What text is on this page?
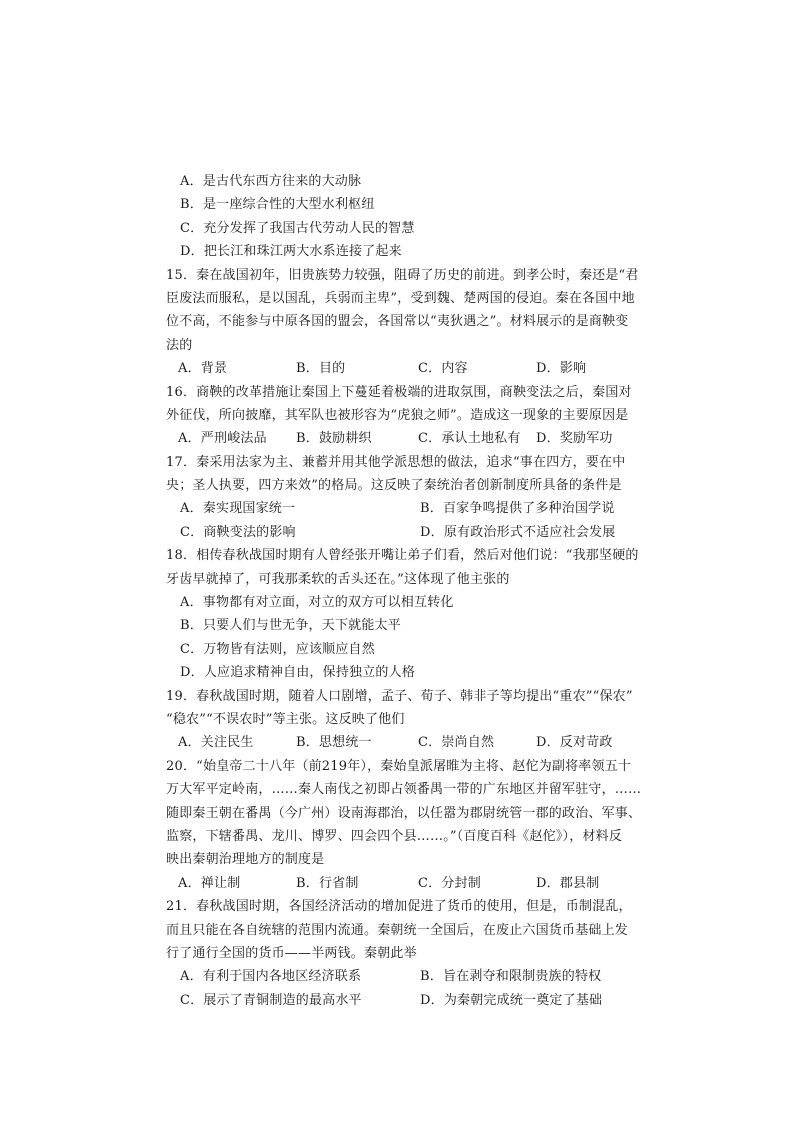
A．是古代东西方往来的大动脉
B．是一座综合性的大型水利枢纽
C．充分发挥了我国古代劳动人民的智慧
D．把长江和珠江两大水系连接了起来
15．秦在战国初年，旧贵族势力较强，阻碍了历史的前进。到孝公时，秦还是“君
臣废法而服私，是以国乱，兵弱而主卑”，受到魏、楚两国的侵迫。秦在各国中地
位不高，不能参与中原各国的盟会，各国常以“夷狄遇之”。材料展示的是商鞅变
法的
A．背景	B．目的	C．内容	D．影响
16．商鞅的改革措施让秦国上下蔓延着极端的进取氛围，商鞅变法之后，秦国对
外征伐，所向披靡，其军队也被形容为“虎狼之师”。造成这一现象的主要原因是
A．严刑峻法品	B．鼓励耕织	C．承认土地私有	D．奖励军功
17．秦采用法家为主、兼蓄并用其他学派思想的做法，追求“事在四方，要在中
央；圣人执要，四方来效”的格局。这反映了秦统治者创新制度所具备的条件是
A．秦实现国家统一	B．百家争鸣提供了多种治国学说
C．商鞅变法的影响	D．原有政治形式不适应社会发展
18．相传春秋战国时期有人曾经张开嘴让弟子们看，然后对他们说：“我那坚硬的
牙齿早就掉了，可我那柔软的舌头还在。”这体现了他主张的
A．事物都有对立面，对立的双方可以相互转化
B．只要人们与世无争，天下就能太平
C．万物皆有法则，应该顺应自然
D．人应追求精神自由，保持独立的人格
19．春秋战国时期，随着人口剧增，孟子、荀子、韩非子等均提出“重农”“保农”
“稳农”“不误农时”等主张。这反映了他们
A．关注民生	B．思想统一	C．崇尚自然	D．反对苛政
20．“始皇帝二十八年（前219年），秦始皇派屠睢为主将、赵佗为副将率领五十
万大军平定岭南，……秦人南伐之初即占领番禺一带的广东地区并留军驻守，……
随即秦王朝在番禺（今广州）设南海郡治，以任嚣为郡尉统管一郡的政治、军事、
监察，下辖番禺、龙川、博罗、四会四个县……。”（百度百科《赵佗》），材料反
映出秦朝治理地方的制度是
A．禅让制	B．行省制	C．分封制	D．郡县制
21．春秋战国时期，各国经济活动的增加促进了货币的使用，但是，币制混乱，
而且只能在各自统辖的范围内流通。秦朝统一全国后，在废止六国货币基础上发
行了通行全国的货币——半两钱。秦朝此举
A．有利于国内各地区经济联系	B．旨在剥夺和限制贵族的特权
C．展示了青铜制造的最高水平	D．为秦朝完成统一奠定了基础
